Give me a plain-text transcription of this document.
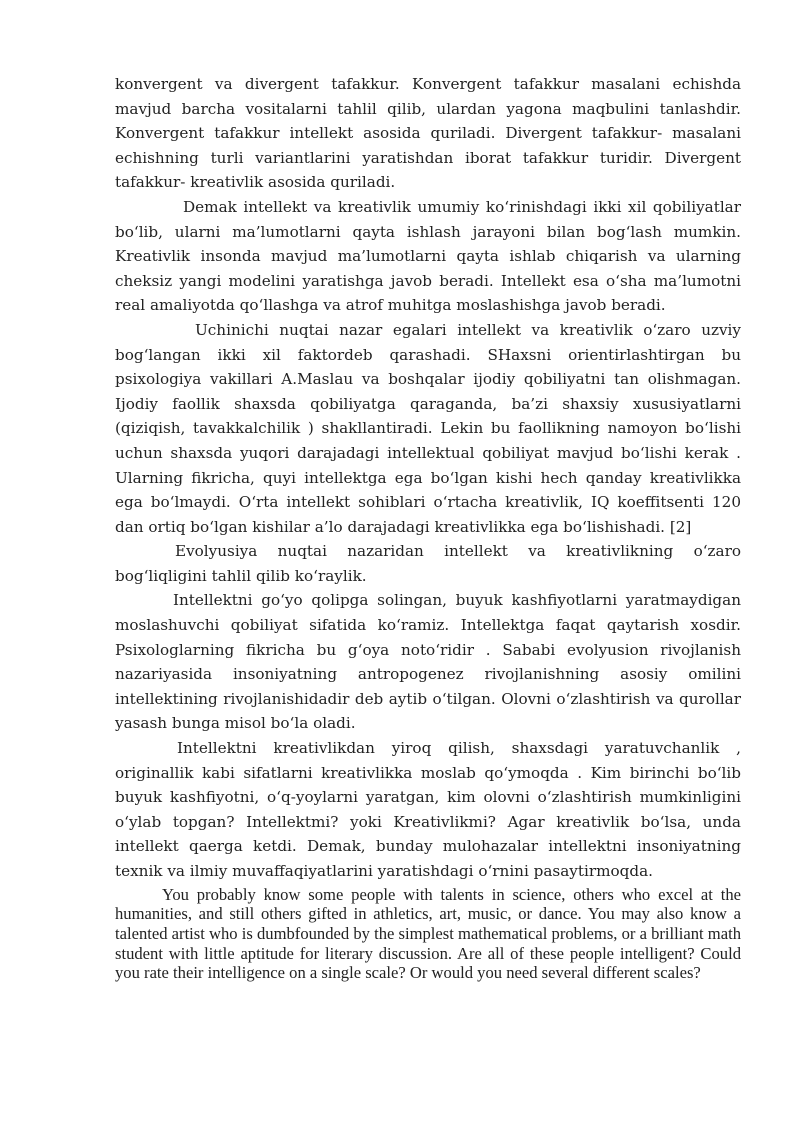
konvergent va divergent tafakkur. Konvergent tafakkur masalani echishda mavjud barcha vositalarni tahlil qilib, ulardan yagona maqbulini tanlashdir. Konvergent tafakkur intellekt asosida quriladi. Divergent tafakkur- masalani echishning turli variantlarini yaratishdan iborat tafakkur turidir. Divergent tafakkur- kreativlik asosida quriladi.

Demak intellekt va kreativlik umumiy ko‘rinishdagi ikki xil qobiliyatlar bo‘lib, ularni ma’lumotlarni qayta ishlash jarayoni bilan bog‘lash mumkin. Kreativlik insonda mavjud ma’lumotlarni qayta ishlab chiqarish va ularning cheksiz yangi modelini yaratishga javob beradi. Intellekt esa o‘sha ma’lumotni real amaliyotda qo‘llashga va atrof muhitga moslashishga javob beradi.

Uchinichi nuqtai nazar egalari intellekt va kreativlik o‘zaro uzviy bog‘langan ikki xil faktordeb qarashadi. SHaxsni orientirlashtirgan bu psixologiya vakillari A.Maslau va boshqalar ijodiy qobiliyatni tan olishmagan. Ijodiy faollik shaxsda qobiliyatga qaraganda, ba’zi shaxsiy xususiyatlarni (qiziqish, tavakkalchilik ) shakllantiradi. Lekin bu faollikning namoyon bo‘lishi uchun shaxsda yuqori darajadagi intellektual qobiliyat mavjud bo‘lishi kerak . Ularning fikricha, quyi intellektga ega bo‘lgan kishi hech qanday kreativlikka ega bo‘lmaydi. O‘rta intellekt sohiblari o‘rtacha kreativlik, IQ koeffitsenti 120 dan ortiq bo‘lgan kishilar a’lo darajadagi kreativlikka ega bo‘lishishadi. [2]

Evolyusiya nuqtai nazaridan intellekt va kreativlikning o‘zaro bog‘liqligini tahlil qilib ko‘raylik.

Intellektni go‘yo qolipga solingan, buyuk kashfiyotlarni yaratmaydigan moslashuvchi qobiliyat sifatida ko‘ramiz. Intellektga faqat qaytarish xosdir. Psixologlarning fikricha bu g‘oya noto‘ridir . Sababi evolyusion rivojlanish nazariyasida insoniyatning antropogenez rivojlanishning asosiy omilini intellektining rivojlanishidadir deb aytib o‘tilgan. Olovni o‘zlashtirish va qurollar yasash bunga misol bo‘la oladi.

Intellektni kreativlikdan yiroq qilish, shaxsdagi yaratuvchanlik , originallik kabi sifatlarni kreativlikka moslab qo‘ymoqda . Kim birinchi bo‘lib buyuk kashfiyotni, o‘q-yoylarni yaratgan, kim olovni o‘zlashtirish mumkinligini o‘ylab topgan? Intellektmi? yoki Kreativlikmi? Agar kreativlik bo‘lsa, unda intellekt qaerga ketdi. Demak, bunday mulohazalar intellektni insoniyatning texnik va ilmiy muvaffaqiyatlarini yaratishdagi o‘rnini pasaytirmoqda.

You probably know some people with talents in science, others who excel at the humanities, and still others gifted in athletics, art, music, or dance. You may also know a talented artist who is dumbfounded by the simplest mathematical problems, or a brilliant math student with little aptitude for literary discussion. Are all of these people intelligent? Could you rate their intelligence on a single scale? Or would you need several different scales?
